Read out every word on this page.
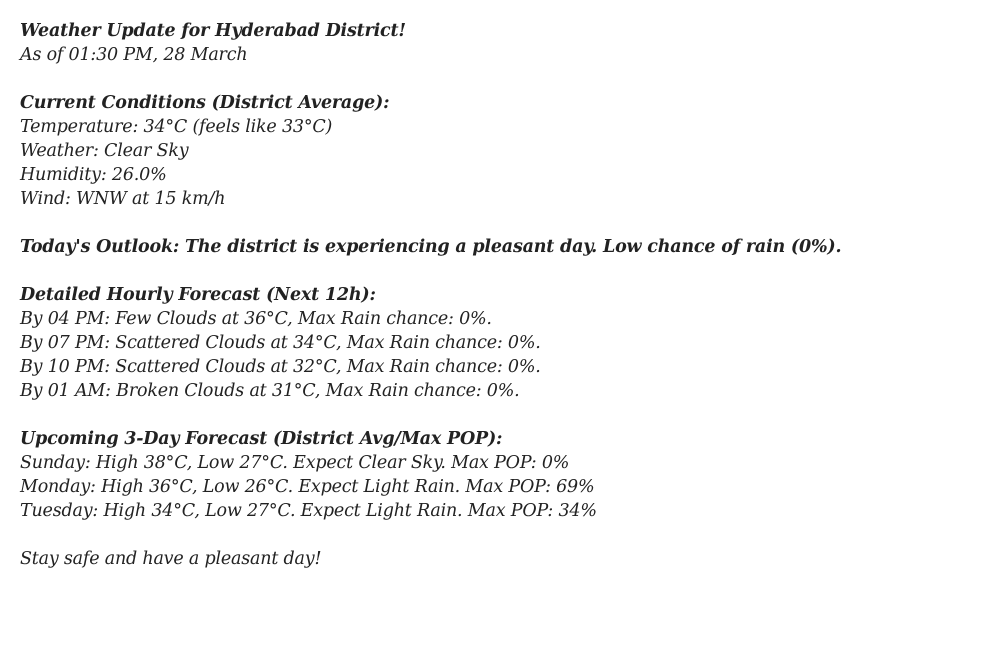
Weather Update for Hyderabad District!
As of 01:30 PM, 28 March
Current Conditions (District Average):
Temperature: 34°C (feels like 33°C)
Weather: Clear Sky
Humidity: 26.0%
Wind: WNW at 15 km/h
Today's Outlook: The district is experiencing a pleasant day. Low chance of rain (0%).
Detailed Hourly Forecast (Next 12h):
By 04 PM: Few Clouds at 36°C, Max Rain chance: 0%.
By 07 PM: Scattered Clouds at 34°C, Max Rain chance: 0%.
By 10 PM: Scattered Clouds at 32°C, Max Rain chance: 0%.
By 01 AM: Broken Clouds at 31°C, Max Rain chance: 0%.
Upcoming 3-Day Forecast (District Avg/Max POP):
Sunday: High 38°C, Low 27°C. Expect Clear Sky. Max POP: 0%
Monday: High 36°C, Low 26°C. Expect Light Rain. Max POP: 69%
Tuesday: High 34°C, Low 27°C. Expect Light Rain. Max POP: 34%
Stay safe and have a pleasant day!
